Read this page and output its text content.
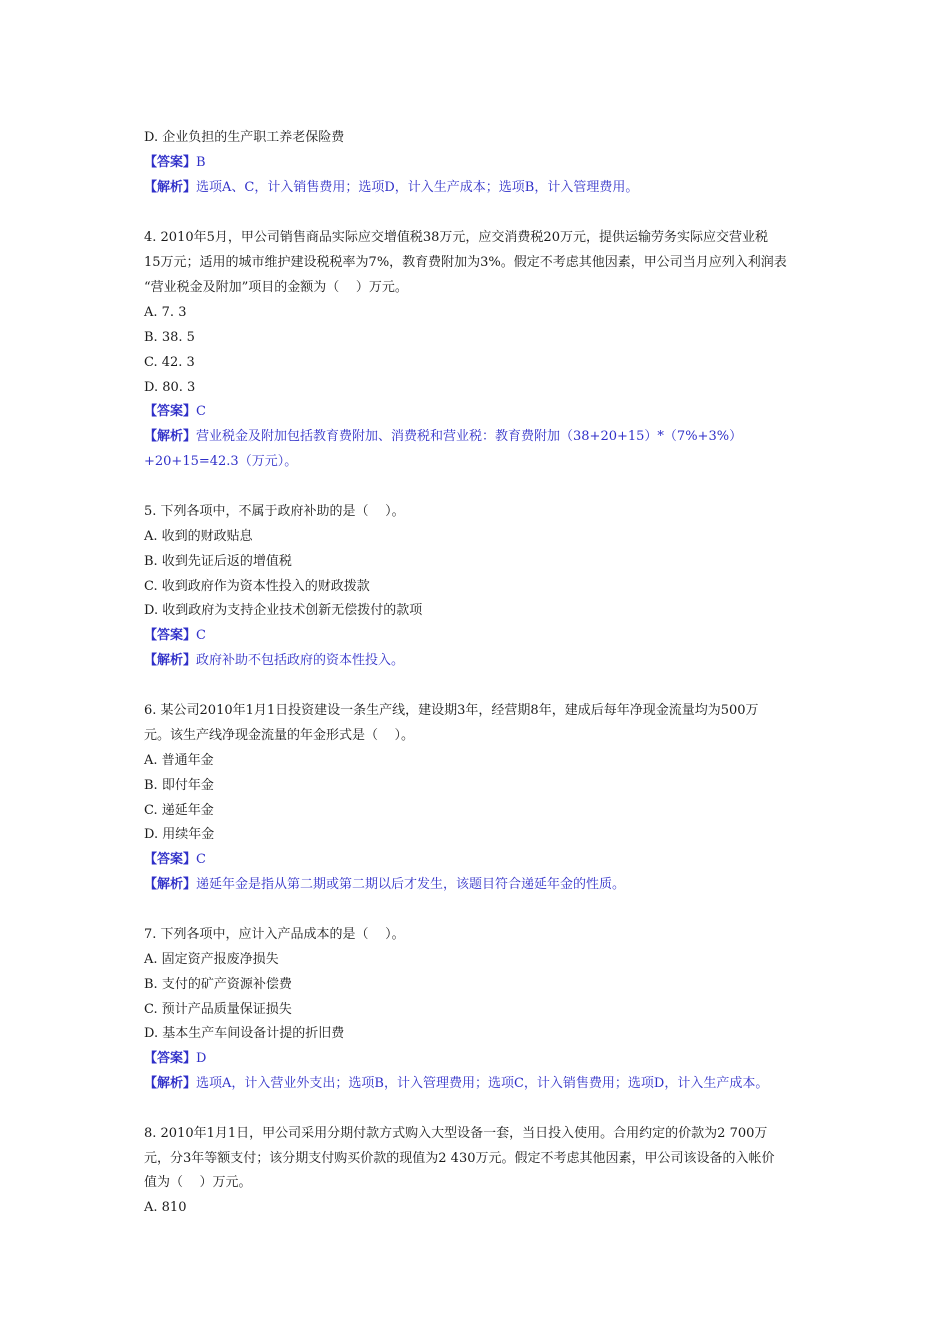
D. 企业负担的生产职工养老保险费
【答案】B
【解析】选项A、C，计入销售费用；选项D，计入生产成本；选项B，计入管理费用。
4. 2010年5月，甲公司销售商品实际应交增值税38万元，应交消费税20万元，提供运输劳务实际应交营业税
15万元；适用的城市维护建设税税率为7%，教育费附加为3%。假定不考虑其他因素，甲公司当月应列入利润表
“营业税金及附加”项目的金额为（    ）万元。
A. 7. 3
B. 38. 5
C. 42. 3
D. 80. 3
【答案】C
【解析】营业税金及附加包括教育费附加、消费税和营业税：教育费附加（38+20+15）*（7%+3%）
+20+15=42.3（万元）。
5. 下列各项中，不属于政府补助的是（    ）。
A. 收到的财政贴息
B. 收到先证后返的增值税
C. 收到政府作为资本性投入的财政拨款
D. 收到政府为支持企业技术创新无偿拨付的款项
【答案】C
【解析】政府补助不包括政府的资本性投入。
6. 某公司2010年1月1日投资建设一条生产线，建设期3年，经营期8年，建成后每年净现金流量均为500万
元。该生产线净现金流量的年金形式是（    ）。
A. 普通年金
B. 即付年金
C. 递延年金
D. 用续年金
【答案】C
【解析】递延年金是指从第二期或第二期以后才发生，该题目符合递延年金的性质。
7. 下列各项中，应计入产品成本的是（    ）。
A. 固定资产报废净损失
B. 支付的矿产资源补偿费
C. 预计产品质量保证损失
D. 基本生产车间设备计提的折旧费
【答案】D
【解析】选项A，计入营业外支出；选项B，计入管理费用；选项C，计入销售费用；选项D，计入生产成本。
8. 2010年1月1日，甲公司采用分期付款方式购入大型设备一套，当日投入使用。合用约定的价款为2 700万
元，分3年等额支付；该分期支付购买价款的现值为2 430万元。假定不考虑其他因素，甲公司该设备的入帐价
值为（    ）万元。
A. 810
